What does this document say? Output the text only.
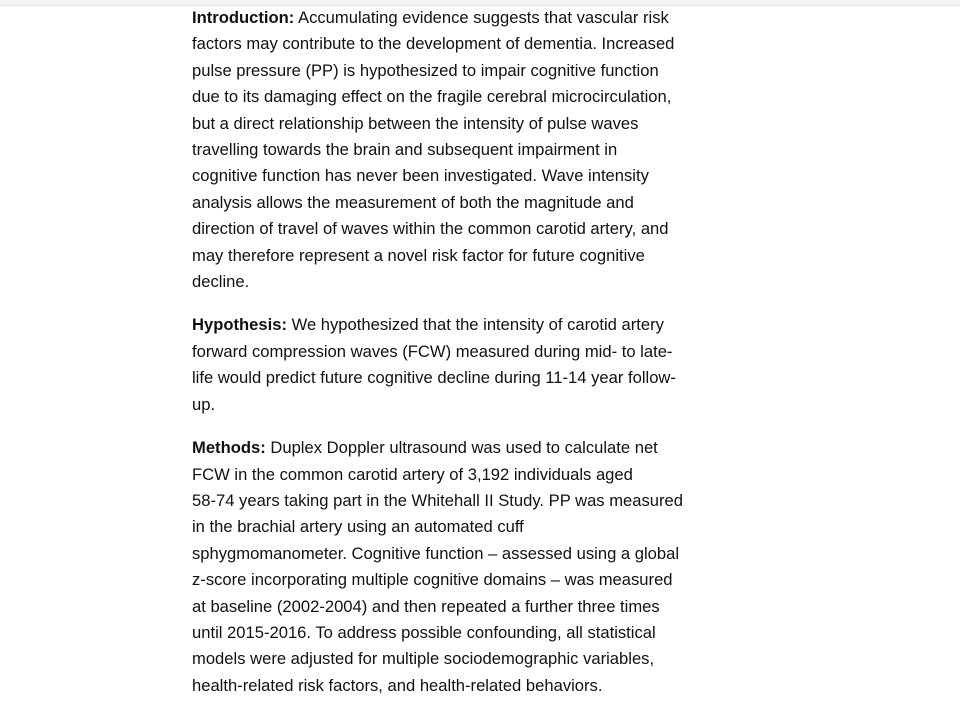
Introduction: Accumulating evidence suggests that vascular risk
factors may contribute to the development of dementia. Increased
pulse pressure (PP) is hypothesized to impair cognitive function
due to its damaging effect on the fragile cerebral microcirculation,
but a direct relationship between the intensity of pulse waves
travelling towards the brain and subsequent impairment in
cognitive function has never been investigated. Wave intensity
analysis allows the measurement of both the magnitude and
direction of travel of waves within the common carotid artery, and
may therefore represent a novel risk factor for future cognitive
decline.

Hypothesis: We hypothesized that the intensity of carotid artery
forward compression waves (FCW) measured during mid- to late-
life would predict future cognitive decline during 11-14 year follow-
up.

Methods: Duplex Doppler ultrasound was used to calculate net
FCW in the common carotid artery of 3,192 individuals aged
58-74 years taking part in the Whitehall II Study. PP was measured
in the brachial artery using an automated cuff
sphygmomanometer. Cognitive function – assessed using a global
z-score incorporating multiple cognitive domains – was measured
at baseline (2002-2004) and then repeated a further three times
until 2015-2016. To address possible confounding, all statistical
models were adjusted for multiple sociodemographic variables,
health-related risk factors, and health-related behaviors.
